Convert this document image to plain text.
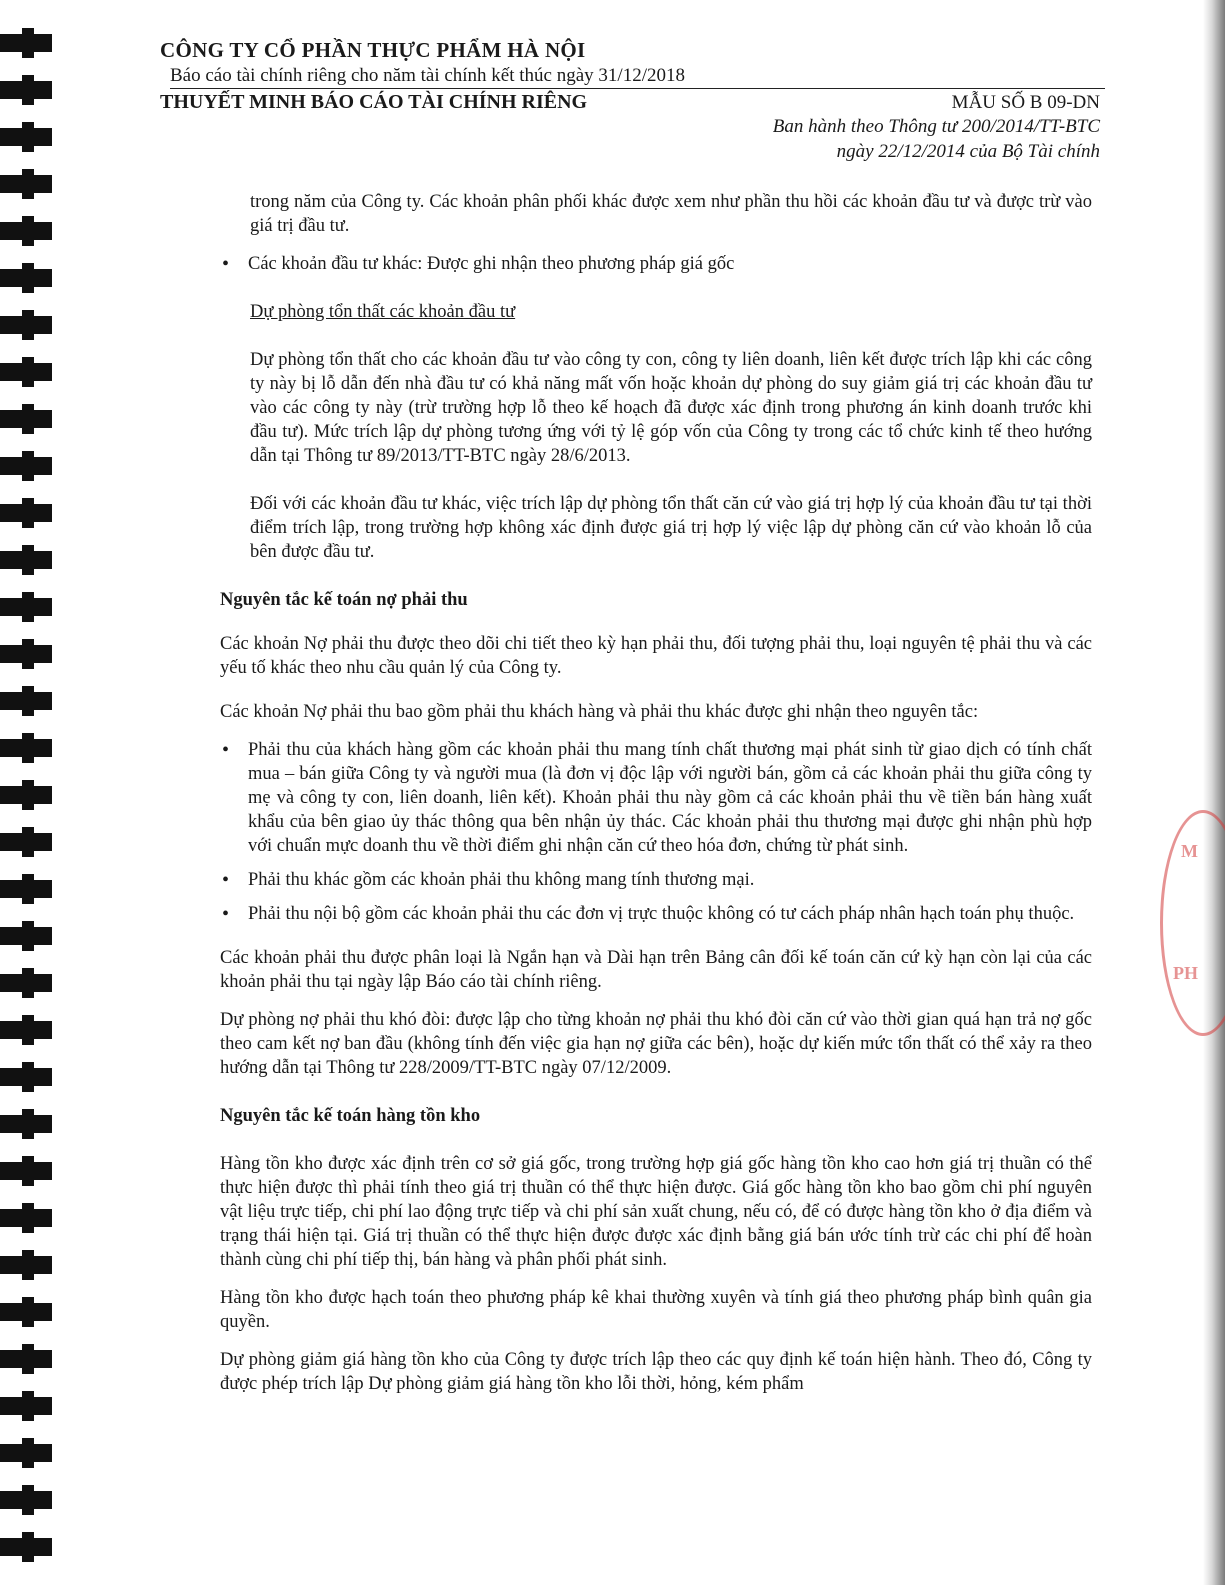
M
PH

CÔNG TY CỔ PHẦN THỰC PHẨM HÀ NỘI

Báo cáo tài chính riêng cho năm tài chính kết thúc ngày 31/12/2018
THUYẾT MINH BÁO CÁO TÀI CHÍNH RIÊNG	MẪU SỐ B 09-DN
Ban hành theo Thông tư 200/2014/TT-BTC
ngày 22/12/2014 của Bộ Tài chính

trong năm của Công ty. Các khoản phân phối khác được xem như phần thu hồi các khoản đầu tư và được trừ vào giá trị đầu tư.

• Các khoản đầu tư khác: Được ghi nhận theo phương pháp giá gốc

Dự phòng tổn thất các khoản đầu tư

Dự phòng tổn thất cho các khoản đầu tư vào công ty con, công ty liên doanh, liên kết được trích lập khi các công ty này bị lỗ dẫn đến nhà đầu tư có khả năng mất vốn hoặc khoản dự phòng do suy giảm giá trị các khoản đầu tư vào các công ty này (trừ trường hợp lỗ theo kế hoạch đã được xác định trong phương án kinh doanh trước khi đầu tư). Mức trích lập dự phòng tương ứng với tỷ lệ góp vốn của Công ty trong các tổ chức kinh tế theo hướng dẫn tại Thông tư 89/2013/TT-BTC ngày 28/6/2013.

Đối với các khoản đầu tư khác, việc trích lập dự phòng tổn thất căn cứ vào giá trị hợp lý của khoản đầu tư tại thời điểm trích lập, trong trường hợp không xác định được giá trị hợp lý việc lập dự phòng căn cứ vào khoản lỗ của bên được đầu tư.

Nguyên tắc kế toán nợ phải thu

Các khoản Nợ phải thu được theo dõi chi tiết theo kỳ hạn phải thu, đối tượng phải thu, loại nguyên tệ phải thu và các yếu tố khác theo nhu cầu quản lý của Công ty.

Các khoản Nợ phải thu bao gồm phải thu khách hàng và phải thu khác được ghi nhận theo nguyên tắc:

• Phải thu của khách hàng gồm các khoản phải thu mang tính chất thương mại phát sinh từ giao dịch có tính chất mua – bán giữa Công ty và người mua (là đơn vị độc lập với người bán, gồm cả các khoản phải thu giữa công ty mẹ và công ty con, liên doanh, liên kết). Khoản phải thu này gồm cả các khoản phải thu về tiền bán hàng xuất khẩu của bên giao ủy thác thông qua bên nhận ủy thác. Các khoản phải thu thương mại được ghi nhận phù hợp với chuẩn mực doanh thu về thời điểm ghi nhận căn cứ theo hóa đơn, chứng từ phát sinh.

• Phải thu khác gồm các khoản phải thu không mang tính thương mại.

• Phải thu nội bộ gồm các khoản phải thu các đơn vị trực thuộc không có tư cách pháp nhân hạch toán phụ thuộc.

Các khoản phải thu được phân loại là Ngắn hạn và Dài hạn trên Bảng cân đối kế toán căn cứ kỳ hạn còn lại của các khoản phải thu tại ngày lập Báo cáo tài chính riêng.

Dự phòng nợ phải thu khó đòi: được lập cho từng khoản nợ phải thu khó đòi căn cứ vào thời gian quá hạn trả nợ gốc theo cam kết nợ ban đầu (không tính đến việc gia hạn nợ giữa các bên), hoặc dự kiến mức tổn thất có thể xảy ra theo hướng dẫn tại Thông tư 228/2009/TT-BTC ngày 07/12/2009.

Nguyên tắc kế toán hàng tồn kho

Hàng tồn kho được xác định trên cơ sở giá gốc, trong trường hợp giá gốc hàng tồn kho cao hơn giá trị thuần có thể thực hiện được thì phải tính theo giá trị thuần có thể thực hiện được. Giá gốc hàng tồn kho bao gồm chi phí nguyên vật liệu trực tiếp, chi phí lao động trực tiếp và chi phí sản xuất chung, nếu có, để có được hàng tồn kho ở địa điểm và trạng thái hiện tại. Giá trị thuần có thể thực hiện được được xác định bằng giá bán ước tính trừ các chi phí để hoàn thành cùng chi phí tiếp thị, bán hàng và phân phối phát sinh.

Hàng tồn kho được hạch toán theo phương pháp kê khai thường xuyên và tính giá theo phương pháp bình quân gia quyền.

Dự phòng giảm giá hàng tồn kho của Công ty được trích lập theo các quy định kế toán hiện hành. Theo đó, Công ty được phép trích lập Dự phòng giảm giá hàng tồn kho lỗi thời, hỏng, kém phẩm
